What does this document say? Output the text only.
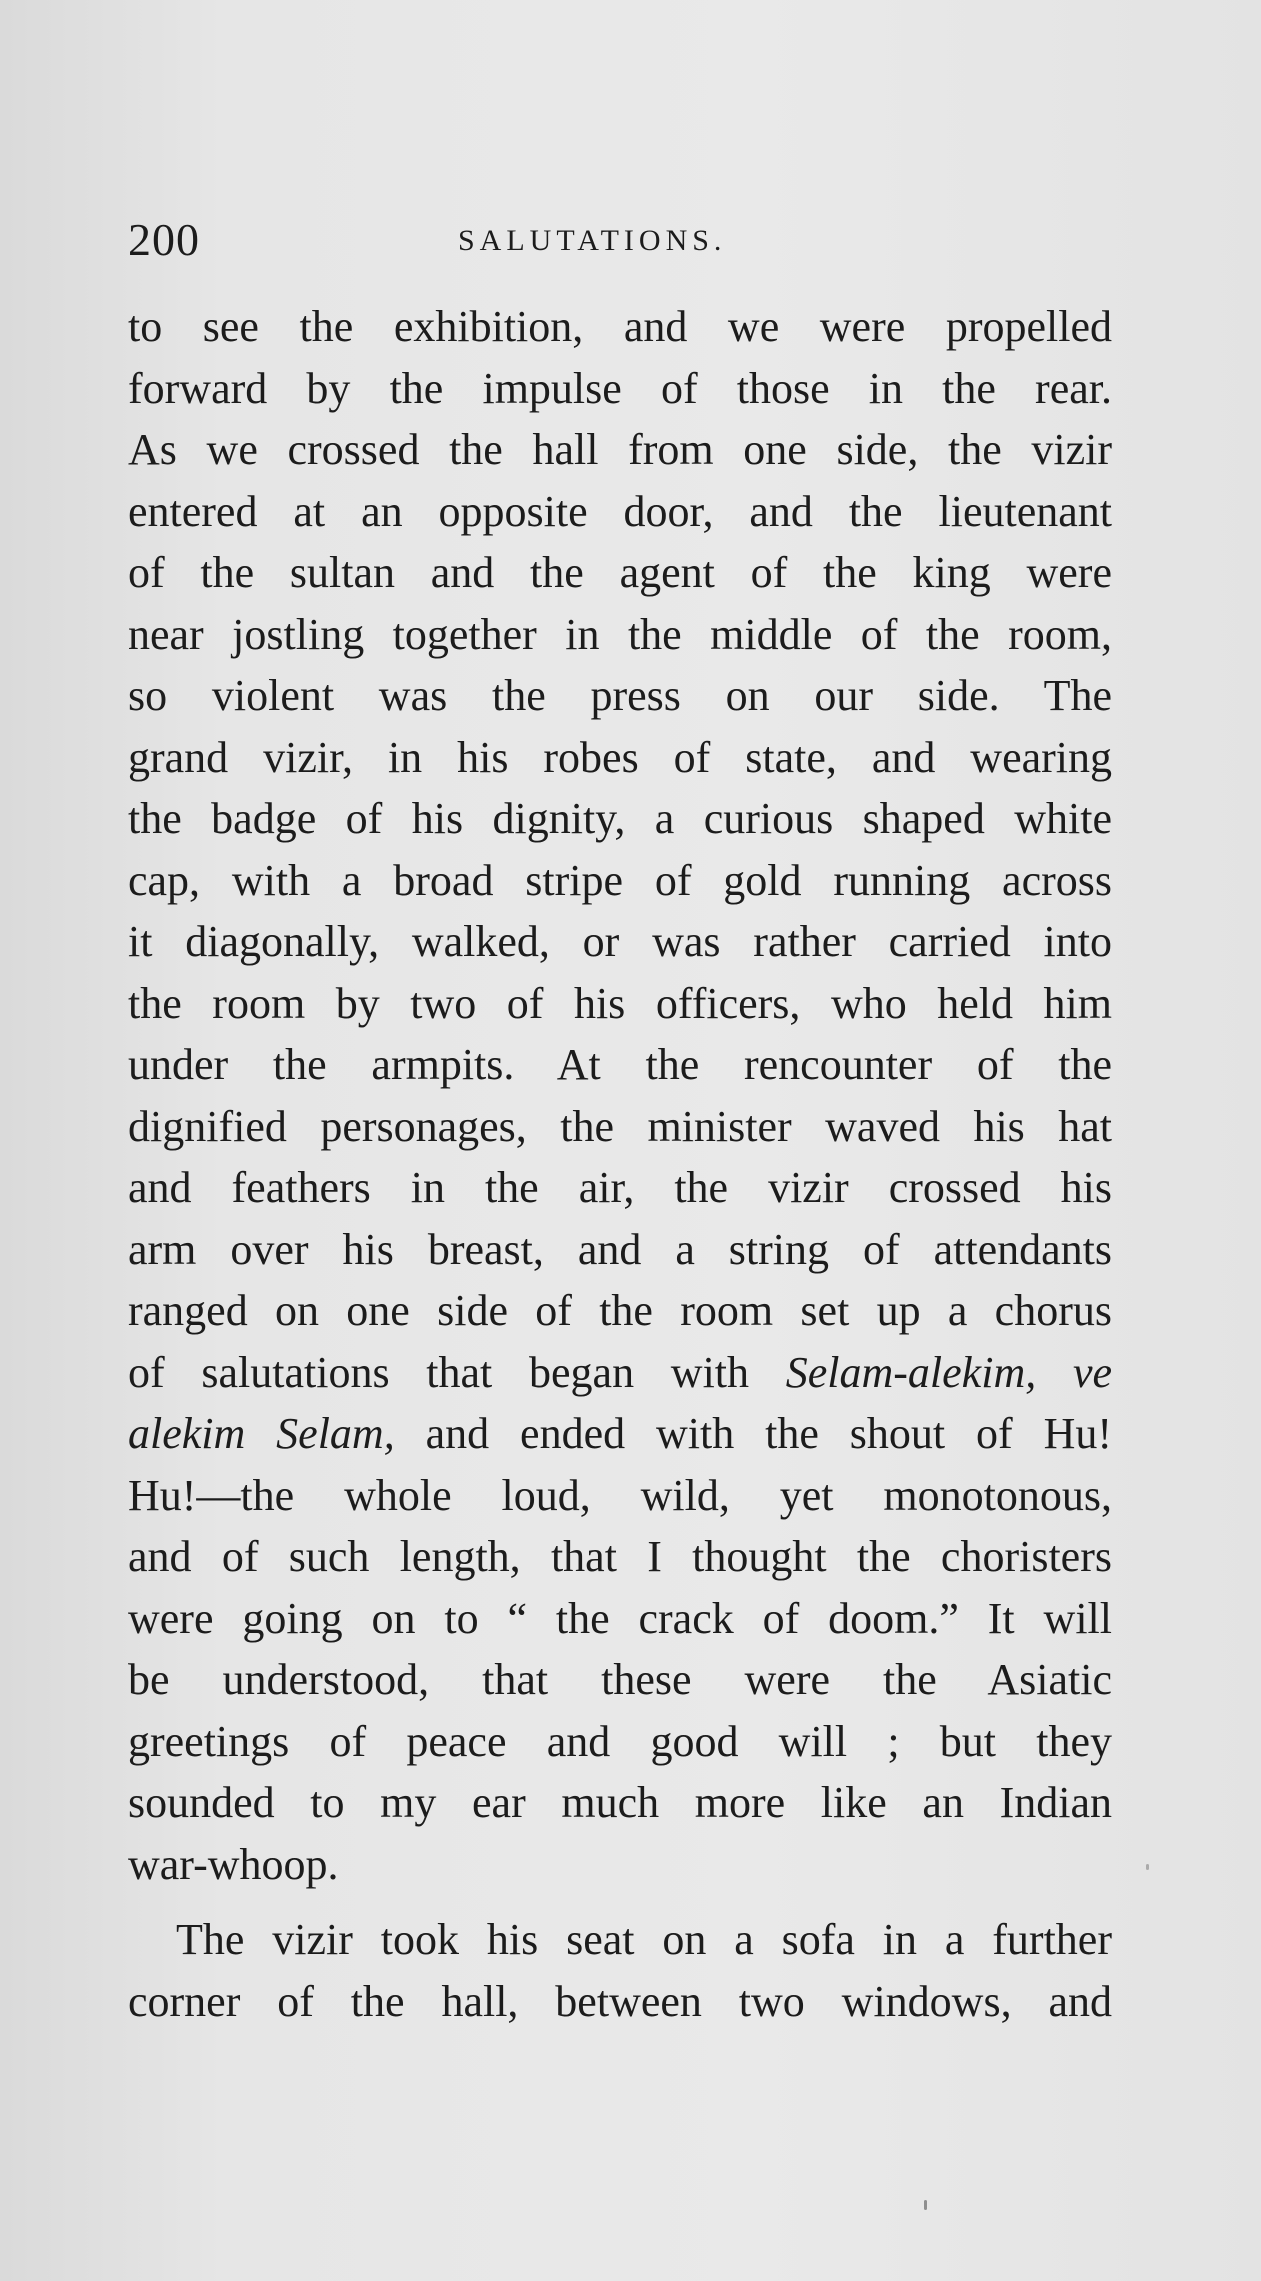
200	SALUTATIONS.
to see the exhibition, and we were propelled
forward by the impulse of those in the rear.
As we crossed the hall from one side, the vizir
entered at an opposite door, and the lieutenant
of the sultan and the agent of the king were
near jostling together in the middle of the room,
so violent was the press on our side. The
grand vizir, in his robes of state, and wearing
the badge of his dignity, a curious shaped white
cap, with a broad stripe of gold running across
it diagonally, walked, or was rather carried into
the room by two of his officers, who held him
under the armpits. At the rencounter of the
dignified personages, the minister waved his hat
and feathers in the air, the vizir crossed his
arm over his breast, and a string of attendants
ranged on one side of the room set up a chorus
of salutations that began with Selam-alekim, ve
alekim Selam, and ended with the shout of Hu!
Hu!—the whole loud, wild, yet monotonous,
and of such length, that I thought the choristers
were going on to “ the crack of doom.” It will
be understood, that these were the Asiatic
greetings of peace and good will ; but they
sounded to my ear much more like an Indian
war-whoop.
The vizir took his seat on a sofa in a further
corner of the hall, between two windows, and
